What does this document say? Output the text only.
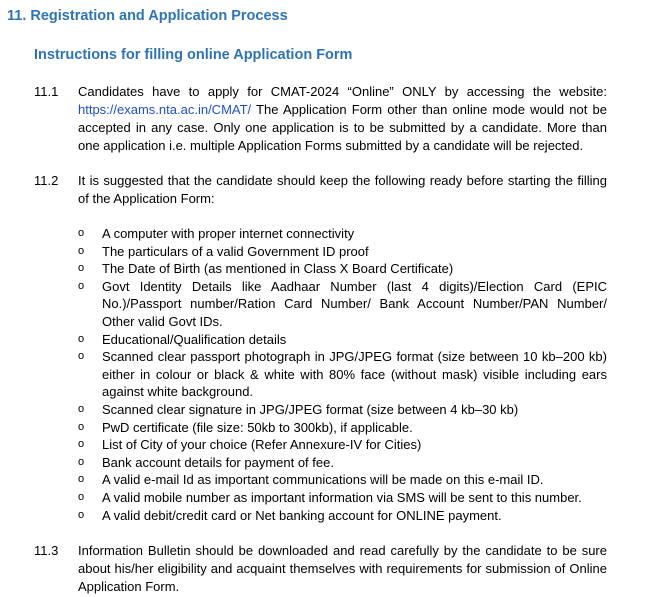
11. Registration and Application Process
Instructions for filling online Application Form
11.1 Candidates have to apply for CMAT-2024 “Online” ONLY by accessing the website:
https://exams.nta.ac.in/CMAT/ The Application Form other than online mode would not be
accepted in any case. Only one application is to be submitted by a candidate. More than
one application i.e. multiple Application Forms submitted by a candidate will be rejected.
11.2 It is suggested that the candidate should keep the following ready before starting the filling
of the Application Form:
o A computer with proper internet connectivity
o The particulars of a valid Government ID proof
o The Date of Birth (as mentioned in Class X Board Certificate)
o Govt Identity Details like Aadhaar Number (last 4 digits)/Election Card (EPIC
No.)/Passport number/Ration Card Number/ Bank Account Number/PAN Number/
Other valid Govt IDs.
o Educational/Qualification details
o Scanned clear passport photograph in JPG/JPEG format (size between 10 kb–200 kb)
either in colour or black & white with 80% face (without mask) visible including ears
against white background.
o Scanned clear signature in JPG/JPEG format (size between 4 kb–30 kb)
o PwD certificate (file size: 50kb to 300kb), if applicable.
o List of City of your choice (Refer Annexure-IV for Cities)
o Bank account details for payment of fee.
o A valid e-mail Id as important communications will be made on this e-mail ID.
o A valid mobile number as important information via SMS will be sent to this number.
o A valid debit/credit card or Net banking account for ONLINE payment.
11.3 Information Bulletin should be downloaded and read carefully by the candidate to be sure
about his/her eligibility and acquaint themselves with requirements for submission of Online
Application Form.
